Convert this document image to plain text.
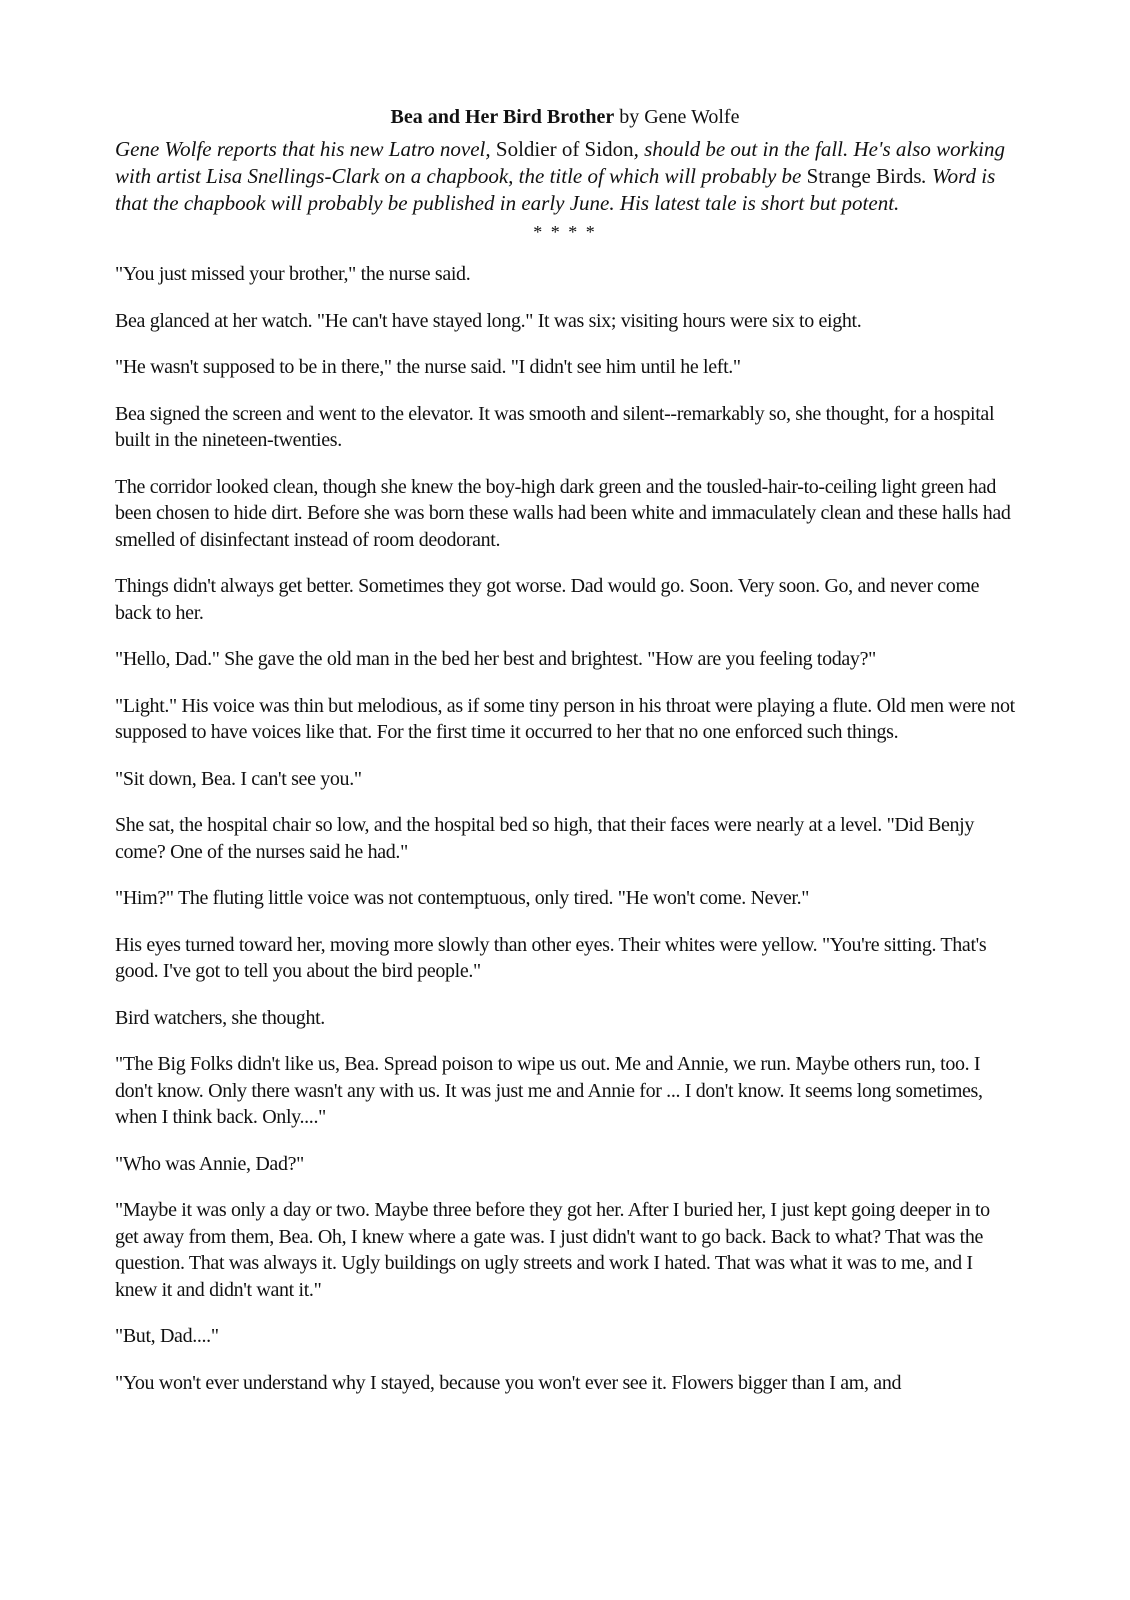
Bea and Her Bird Brother by Gene Wolfe

Gene Wolfe reports that his new Latro novel, Soldier of Sidon, should be out in the fall. He's also working with artist Lisa Snellings-Clark on a chapbook, the title of which will probably be Strange Birds. Word is that the chapbook will probably be published in early June. His latest tale is short but potent.

* * * *

"You just missed your brother," the nurse said.

Bea glanced at her watch. "He can't have stayed long." It was six; visiting hours were six to eight.

"He wasn't supposed to be in there," the nurse said. "I didn't see him until he left."

Bea signed the screen and went to the elevator. It was smooth and silent--remarkably so, she thought, for a hospital built in the nineteen-twenties.

The corridor looked clean, though she knew the boy-high dark green and the tousled-hair-to-ceiling light green had been chosen to hide dirt. Before she was born these walls had been white and immaculately clean and these halls had smelled of disinfectant instead of room deodorant.

Things didn't always get better. Sometimes they got worse. Dad would go. Soon. Very soon. Go, and never come back to her.

"Hello, Dad." She gave the old man in the bed her best and brightest. "How are you feeling today?"

"Light." His voice was thin but melodious, as if some tiny person in his throat were playing a flute. Old men were not supposed to have voices like that. For the first time it occurred to her that no one enforced such things.

"Sit down, Bea. I can't see you."

She sat, the hospital chair so low, and the hospital bed so high, that their faces were nearly at a level. "Did Benjy come? One of the nurses said he had."

"Him?" The fluting little voice was not contemptuous, only tired. "He won't come. Never."

His eyes turned toward her, moving more slowly than other eyes. Their whites were yellow. "You're sitting. That's good. I've got to tell you about the bird people."

Bird watchers, she thought.

"The Big Folks didn't like us, Bea. Spread poison to wipe us out. Me and Annie, we run. Maybe others run, too. I don't know. Only there wasn't any with us. It was just me and Annie for ... I don't know. It seems long sometimes, when I think back. Only...."

"Who was Annie, Dad?"

"Maybe it was only a day or two. Maybe three before they got her. After I buried her, I just kept going deeper in to get away from them, Bea. Oh, I knew where a gate was. I just didn't want to go back. Back to what? That was the question. That was always it. Ugly buildings on ugly streets and work I hated. That was what it was to me, and I knew it and didn't want it."

"But, Dad...."

"You won't ever understand why I stayed, because you won't ever see it. Flowers bigger than I am, and
